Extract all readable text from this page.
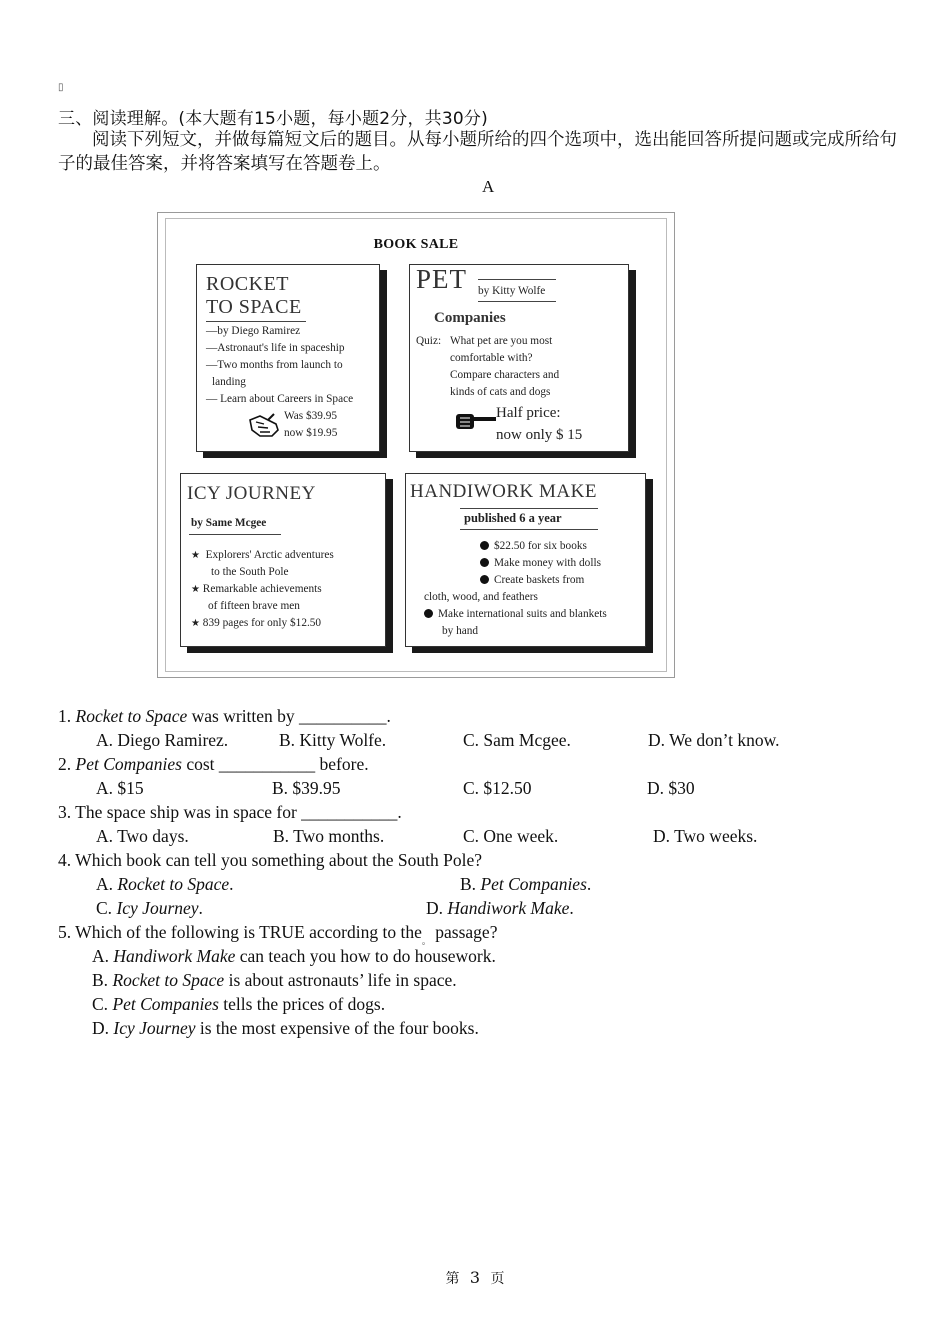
▯
三、阅读理解。(本大题有15小题，每小题2分，共30分)
阅读下列短文，并做每篇短文后的题目。从每小题所给的四个选项中，选出能回答所提问题或完成所给句子的最佳答案，并将答案填写在答题卷上。
A
BOOK SALE
ROCKET
TO SPACE
—by Diego Ramirez
—Astronaut's life in spaceship
—Two months from launch to
landing
— Learn about Careers in Space
Was $39.95
now $19.95
PET by Kitty Wolfe
Companies
Quiz: What pet are you most
comfortable with?
Compare characters and
kinds of cats and dogs
Half price:
now only $ 15
ICY JOURNEY
by Same Mcgee
★ Explorers' Arctic adventures
to the South Pole
★ Remarkable achievements
of fifteen brave men
★ 839 pages for only $12.50
HANDIWORK MAKE
published 6 a year
$22.50 for six books
Make money with dolls
Create baskets from
cloth, wood, and feathers
Make international suits and blankets
by hand
1. Rocket to Space was written by __________.
A. Diego Ramirez.	B. Kitty Wolfe.	C. Sam Mcgee.	D. We don’t know.
2. Pet Companies cost ___________ before.
A. $15	B. $39.95	C. $12.50	D. $30
3. The space ship was in space for ___________.
A. Two days.	B. Two months.	C. One week.	D. Two weeks.
4. Which book can tell you something about the South Pole?
A. Rocket to Space.	B. Pet Companies.
C. Icy Journey.	D. Handiwork Make.
5. Which of the following is TRUE according to the$_。$ passage?
A. Handiwork Make can teach you how to do housework.
B. Rocket to Space is about astronauts’ life in space.
C. Pet Companies tells the prices of dogs.
D. Icy Journey is the most expensive of the four books.
第 3 页
